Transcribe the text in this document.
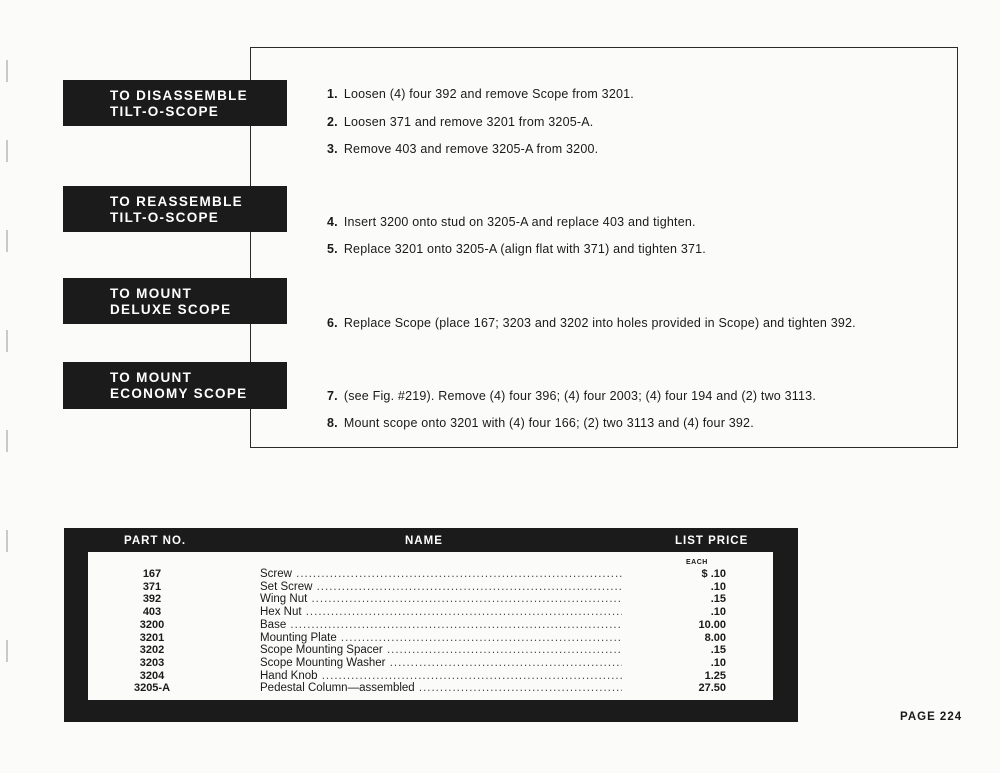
TO DISASSEMBLE
TILT-O-SCOPE
TO REASSEMBLE
TILT-O-SCOPE
TO MOUNT
DELUXE SCOPE
TO MOUNT
ECONOMY SCOPE
1. Loosen (4) four 392 and remove Scope from 3201.
2. Loosen 371 and remove 3201 from 3205-A.
3. Remove 403 and remove 3205-A from 3200.
4. Insert 3200 onto stud on 3205-A and replace 403 and tighten.
5. Replace 3201 onto 3205-A (align flat with 371) and tighten 371.
6. Replace Scope (place 167; 3203 and 3202 into holes provided in Scope) and tighten 392.
7. (see Fig. #219). Remove (4) four 396; (4) four 2003; (4) four 194 and (2) two 3113.
8. Mount scope onto 3201 with (4) four 166; (2) two 3113 and (4) four 392.
PART NO.	NAME	LIST PRICE
EACH
167	Screw .....	$ .10
371	Set Screw .....	.10
392	Wing Nut .....	.15
403	Hex Nut .....	.10
3200	Base .....	10.00
3201	Mounting Plate .....	8.00
3202	Scope Mounting Spacer .....	.15
3203	Scope Mounting Washer .....	.10
3204	Hand Knob .....	1.25
3205-A	Pedestal Column—assembled .....	27.50
PAGE 224
